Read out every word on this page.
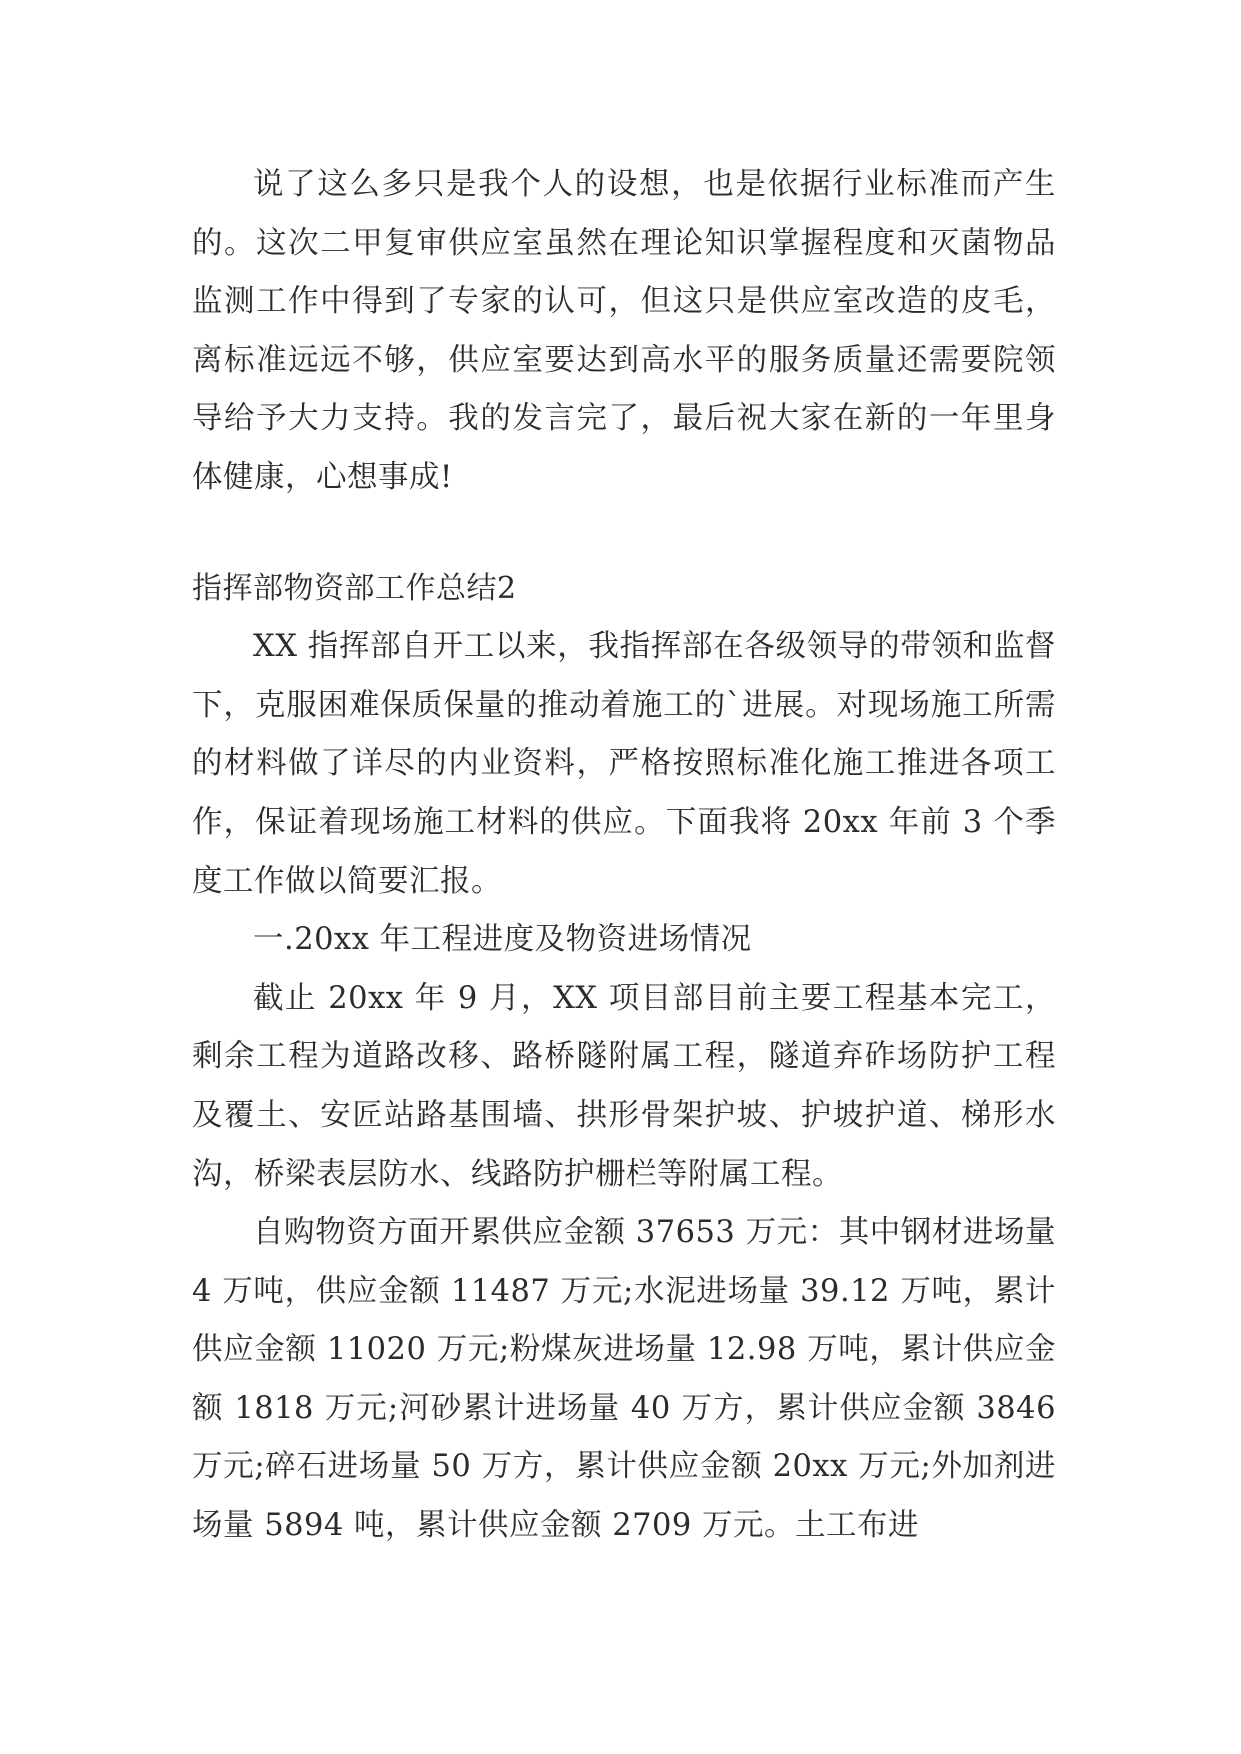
说了这么多只是我个人的设想，也是依据行业标准而产生的。这次二甲复审供应室虽然在理论知识掌握程度和灭菌物品监测工作中得到了专家的认可，但这只是供应室改造的皮毛，离标准远远不够，供应室要达到高水平的服务质量还需要院领导给予大力支持。我的发言完了，最后祝大家在新的一年里身体健康，心想事成!

指挥部物资部工作总结2

XX 指挥部自开工以来，我指挥部在各级领导的带领和监督下，克服困难保质保量的推动着施工的`进展。对现场施工所需的材料做了详尽的内业资料，严格按照标准化施工推进各项工作，保证着现场施工材料的供应。下面我将 20xx 年前 3 个季度工作做以简要汇报。

一.20xx 年工程进度及物资进场情况

截止 20xx 年 9 月，XX 项目部目前主要工程基本完工，剩余工程为道路改移、路桥隧附属工程，隧道弃砟场防护工程及覆土、安匠站路基围墙、拱形骨架护坡、护坡护道、梯形水沟，桥梁表层防水、线路防护栅栏等附属工程。

自购物资方面开累供应金额 37653 万元：其中钢材进场量 4 万吨，供应金额 11487 万元;水泥进场量 39.12 万吨，累计供应金额 11020 万元;粉煤灰进场量 12.98 万吨，累计供应金额 1818 万元;河砂累计进场量 40 万方，累计供应金额 3846 万元;碎石进场量 50 万方，累计供应金额 20xx 万元;外加剂进场量 5894 吨，累计供应金额 2709 万元。土工布进
